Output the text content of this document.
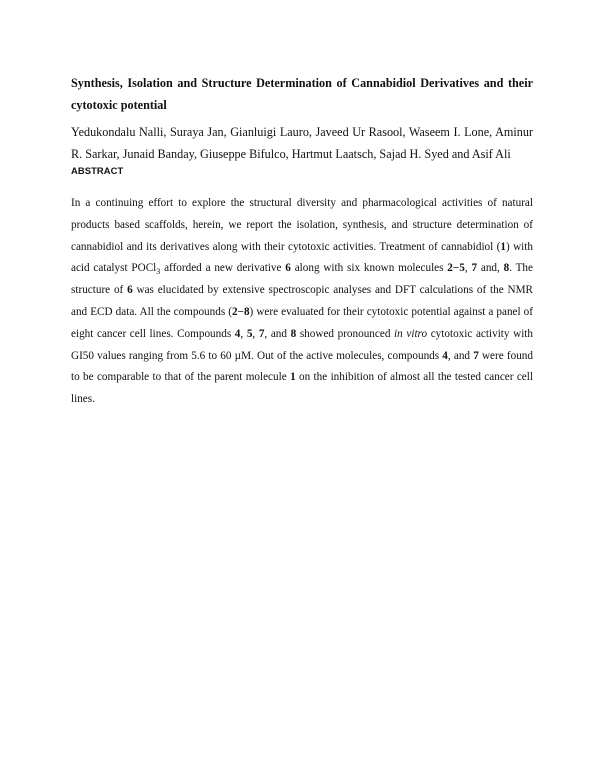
Synthesis, Isolation and Structure Determination of Cannabidiol Derivatives and their cytotoxic potential
Yedukondalu Nalli, Suraya Jan, Gianluigi Lauro, Javeed Ur Rasool, Waseem I. Lone, Aminur R. Sarkar, Junaid Banday, Giuseppe Bifulco, Hartmut Laatsch, Sajad H. Syed and Asif Ali
ABSTRACT
In a continuing effort to explore the structural diversity and pharmacological activities of natural products based scaffolds, herein, we report the isolation, synthesis, and structure determination of cannabidiol and its derivatives along with their cytotoxic activities. Treatment of cannabidiol (1) with acid catalyst POCl$_3$ afforded a new derivative 6 along with six known molecules 2−5, 7 and, 8. The structure of 6 was elucidated by extensive spectroscopic analyses and DFT calculations of the NMR and ECD data. All the compounds (2−8) were evaluated for their cytotoxic potential against a panel of eight cancer cell lines. Compounds 4, 5, 7, and 8 showed pronounced in vitro cytotoxic activity with GI50 values ranging from 5.6 to 60 µM. Out of the active molecules, compounds 4, and 7 were found to be comparable to that of the parent molecule 1 on the inhibition of almost all the tested cancer cell lines.
